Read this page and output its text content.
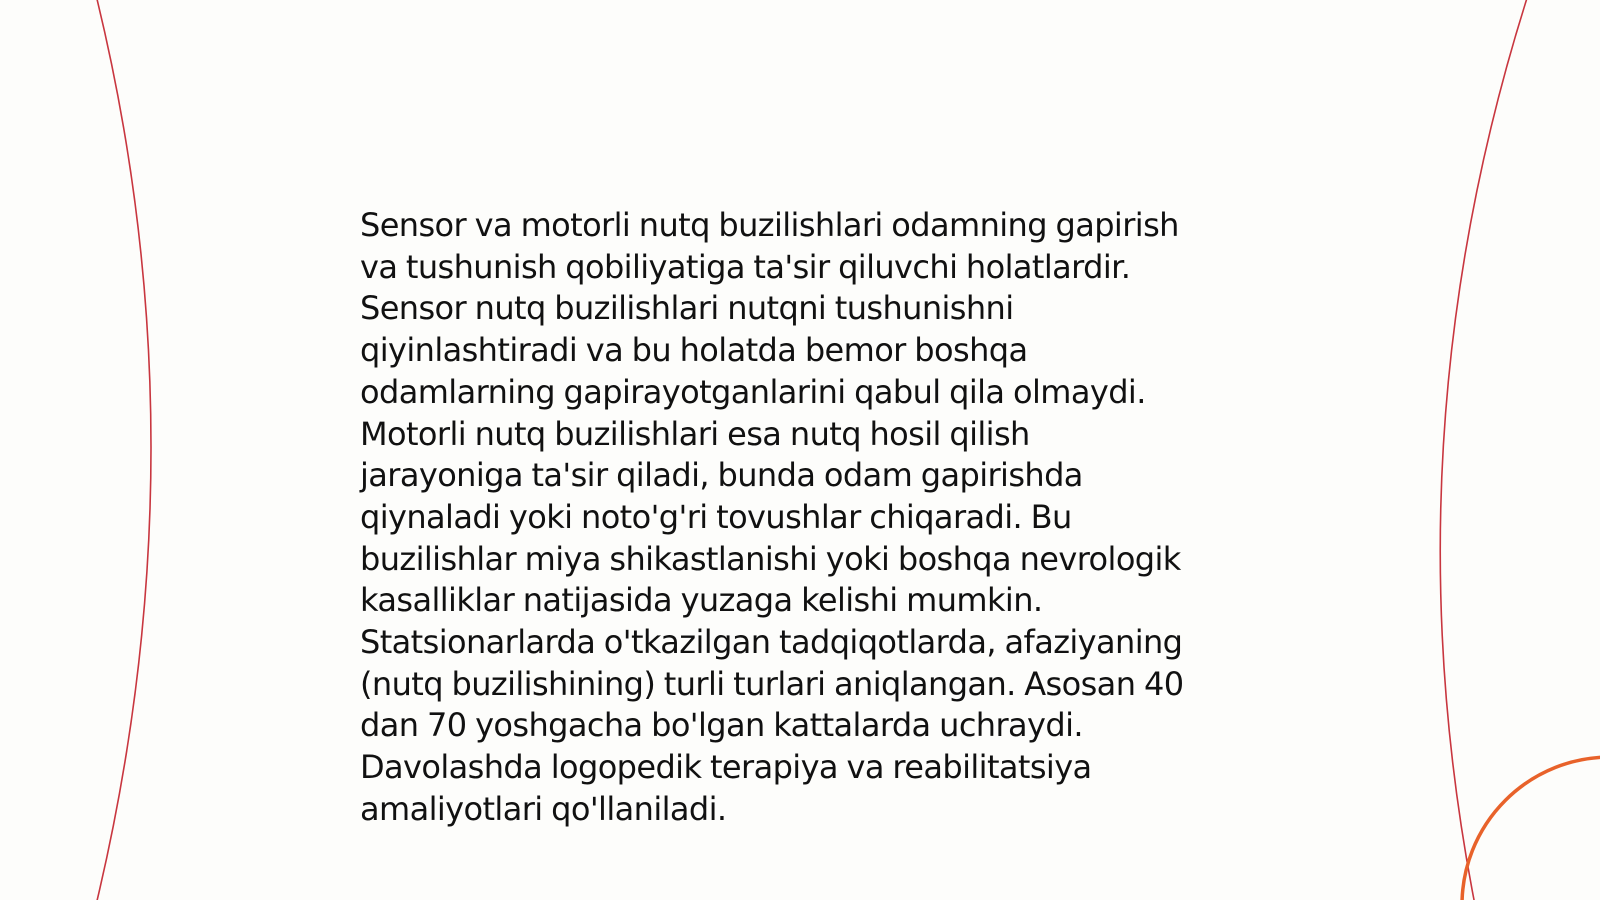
Sensor va motorli nutq buzilishlari odamning gapirish
va tushunish qobiliyatiga ta'sir qiluvchi holatlardir.
Sensor nutq buzilishlari nutqni tushunishni
qiyinlashtiradi va bu holatda bemor boshqa
odamlarning gapirayotganlarini qabul qila olmaydi.
Motorli nutq buzilishlari esa nutq hosil qilish
jarayoniga ta'sir qiladi, bunda odam gapirishda
qiynaladi yoki noto'g'ri tovushlar chiqaradi. Bu
buzilishlar miya shikastlanishi yoki boshqa nevrologik
kasalliklar natijasida yuzaga kelishi mumkin.
Statsionarlarda o'tkazilgan tadqiqotlarda, afaziyaning
(nutq buzilishining) turli turlari aniqlangan. Asosan 40
dan 70 yoshgacha bo'lgan kattalarda uchraydi.
Davolashda logopedik terapiya va reabilitatsiya
amaliyotlari qo'llaniladi.
